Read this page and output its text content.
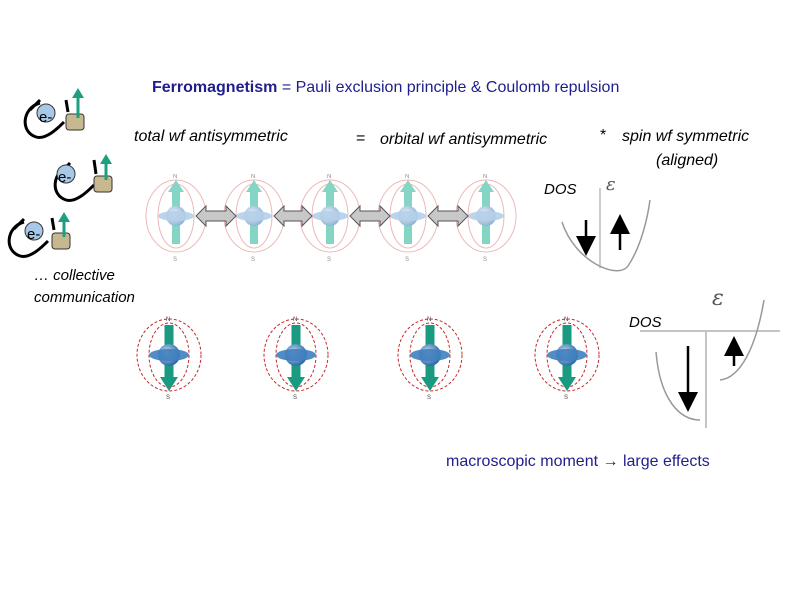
Ferromagnetism = Pauli exclusion principle & Coulomb repulsion
total wf antisymmetric	= orbital wf antisymmetric	* spin wf symmetric
(aligned)
… collective
communication
DOS ε
DOS
ε
macroscopic moment → large effects
e-
e-
e-
N
S
N
S
N
S
N
S
N
S
N
S
N
S
N
S
N
S
